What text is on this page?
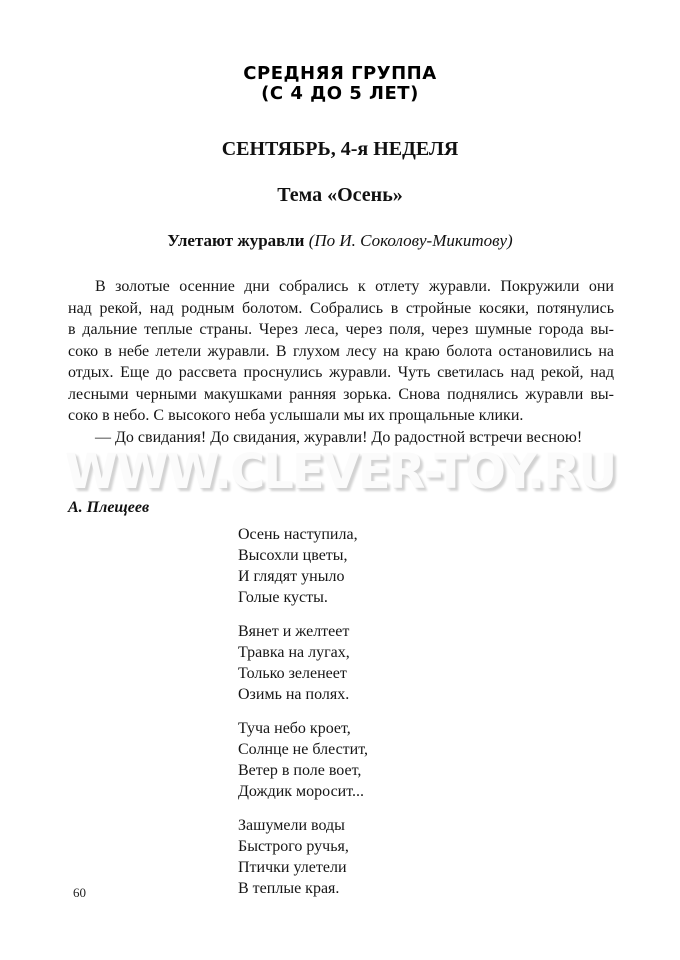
СРЕДНЯЯ ГРУППА
(С 4 ДО 5 ЛЕТ)
СЕНТЯБРЬ, 4-я НЕДЕЛЯ
Тема «Осень»
Улетают журавли (По И. Соколову-Микитову)
В золотые осенние дни собрались к отлету журавли. Покружили они
над рекой, над родным болотом. Собрались в стройные косяки, потянулись
в дальние теплые страны. Через леса, через поля, через шумные города вы-
соко в небе летели журавли. В глухом лесу на краю болота остановились на
отдых. Еще до рассвета проснулись журавли. Чуть светилась над рекой, над
лесными черными макушками ранняя зорька. Снова поднялись журавли вы-
соко в небо. С высокого неба услышали мы их прощальные клики.
— До свидания! До свидания, журавли! До радостной встречи весною!
WWW.CLEVER-TOY.RU
А. Плещеев
Осень наступила,
Высохли цветы,
И глядят уныло
Голые кусты.
Вянет и желтеет
Травка на лугах,
Только зеленеет
Озимь на полях.
Туча небо кроет,
Солнце не блестит,
Ветер в поле воет,
Дождик моросит...
Зашумели воды
Быстрого ручья,
Птички улетели
В теплые края.
60
